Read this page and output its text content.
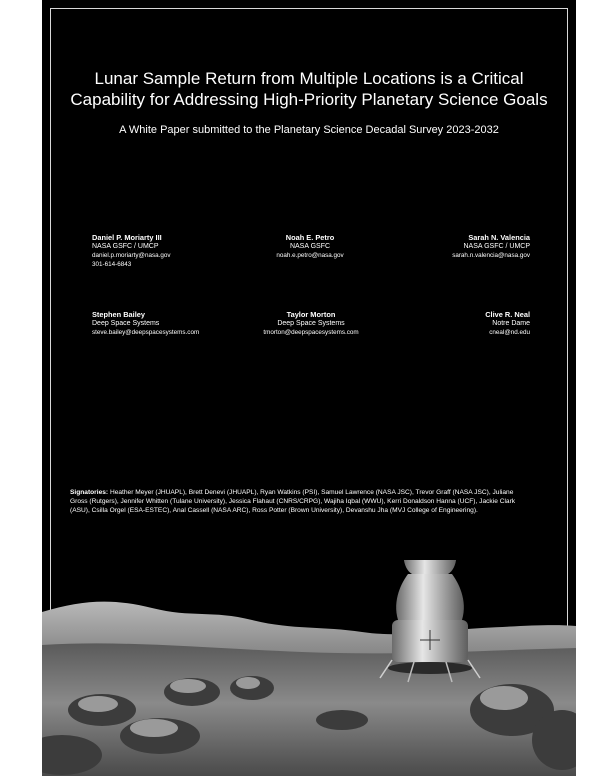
Lunar Sample Return from Multiple Locations is a Critical
Capability for Addressing High-Priority Planetary Science Goals
A White Paper submitted to the Planetary Science Decadal Survey 2023-2032
Daniel P. Moriarty III
NASA GSFC / UMCP
daniel.p.moriarty@nasa.gov
301-614-6843
Noah E. Petro
NASA GSFC
noah.e.petro@nasa.gov
Sarah N. Valencia
NASA GSFC / UMCP
sarah.n.valencia@nasa.gov
Stephen Bailey
Deep Space Systems
steve.bailey@deepspacesystems.com
Taylor Morton
Deep Space Systems
tmorton@deepspacesystems.com
Clive R. Neal
Notre Dame
cneal@nd.edu
Signatories: Heather Meyer (JHUAPL), Brett Denevi (JHUAPL), Ryan Watkins (PSI), Samuel Lawrence (NASA JSC), Trevor Graff (NASA JSC), Juliane Gross (Rutgers), Jennifer Whitten (Tulane University), Jessica Flahaut (CNRS/CRPG), Wajiha Iqbal (WWU), Kerri Donaldson Hanna (UCF), Jackie Clark (ASU), Csilla Orgel (ESA-ESTEC), Anal Cassell (NASA ARC), Ross Potter (Brown University), Devanshu Jha (MVJ College of Engineering).
